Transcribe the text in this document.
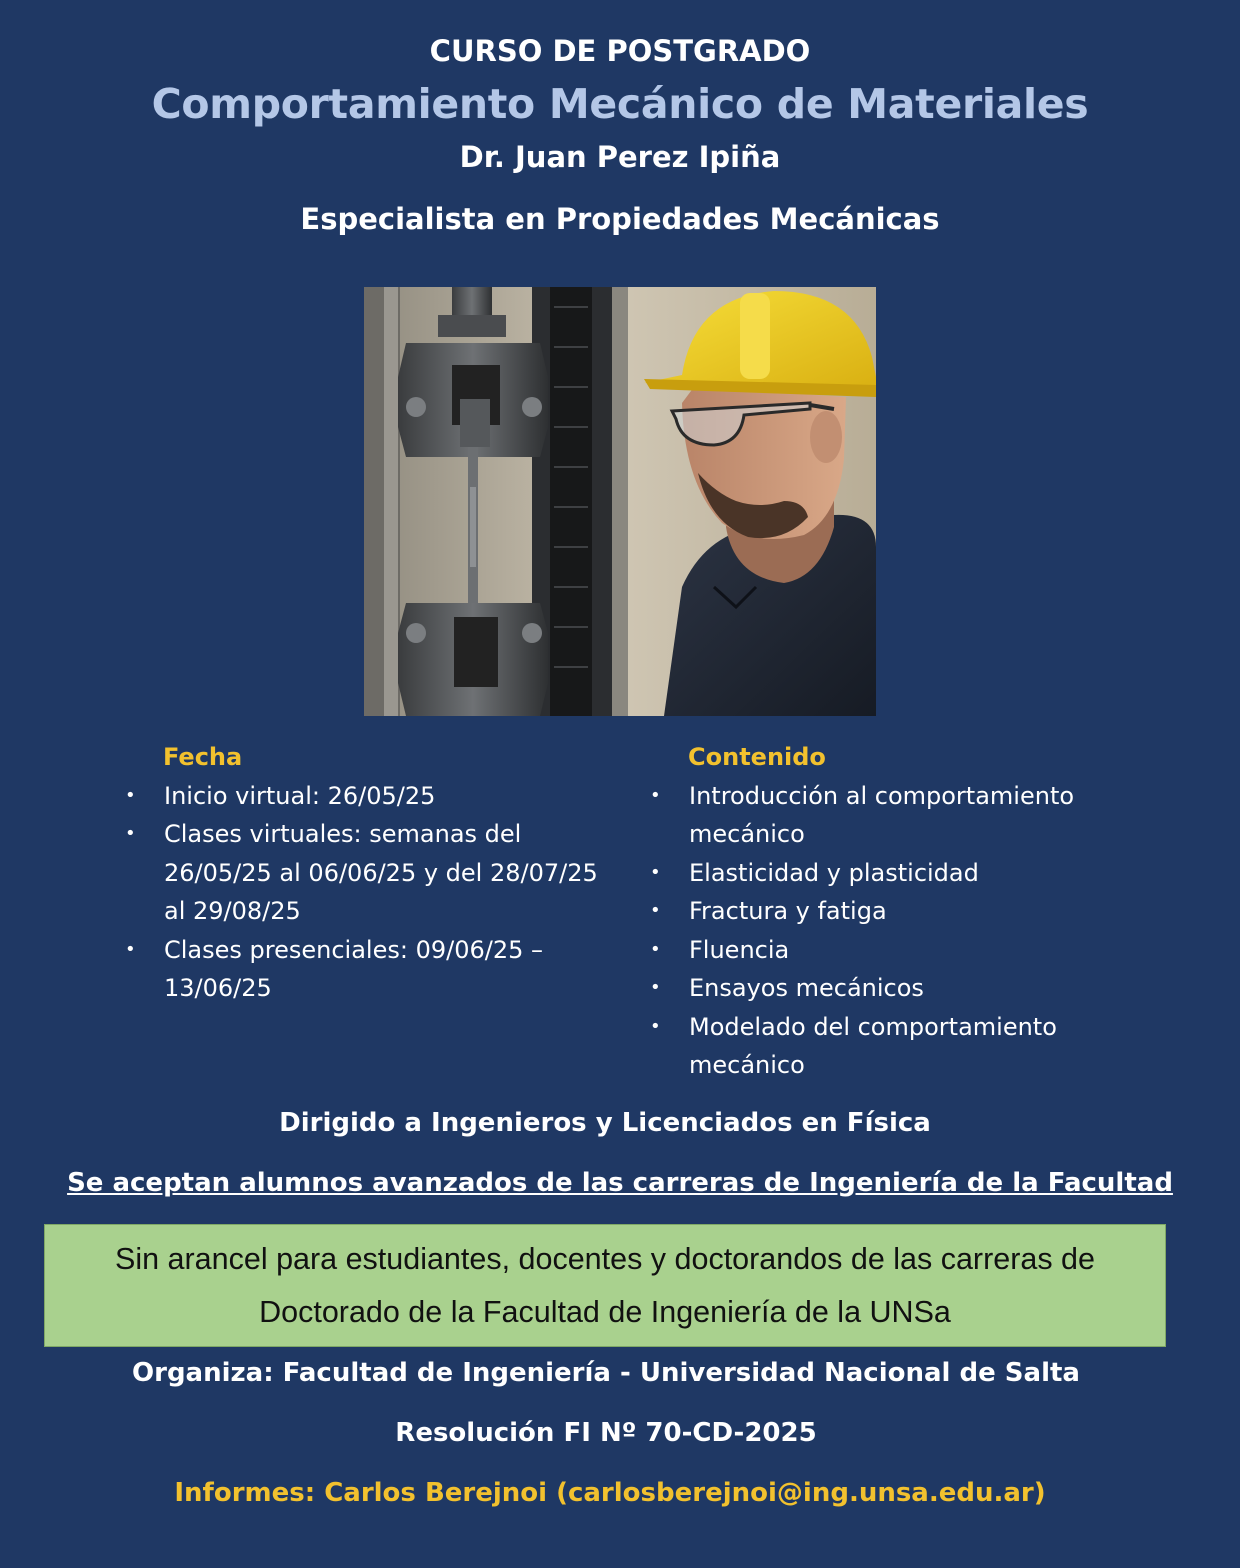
CURSO DE POSTGRADO
Comportamiento Mecánico de Materiales
Dr. Juan Perez Ipiña
Especialista en Propiedades Mecánicas
Fecha
• Inicio virtual: 26/05/25
• Clases virtuales: semanas del 26/05/25 al 06/06/25 y del 28/07/25 al 29/08/25
• Clases presenciales: 09/06/25 – 13/06/25
Contenido
• Introducción al comportamiento mecánico
• Elasticidad y plasticidad
• Fractura y fatiga
• Fluencia
• Ensayos mecánicos
• Modelado del comportamiento mecánico
Dirigido a Ingenieros y Licenciados en Física
Se aceptan alumnos avanzados de las carreras de Ingeniería de la Facultad
Sin arancel para estudiantes, docentes y doctorandos de las carreras de
Doctorado de la Facultad de Ingeniería de la UNSa
Organiza: Facultad de Ingeniería - Universidad Nacional de Salta
Resolución FI Nº 70-CD-2025
Informes: Carlos Berejnoi (carlosberejnoi@ing.unsa.edu.ar)
